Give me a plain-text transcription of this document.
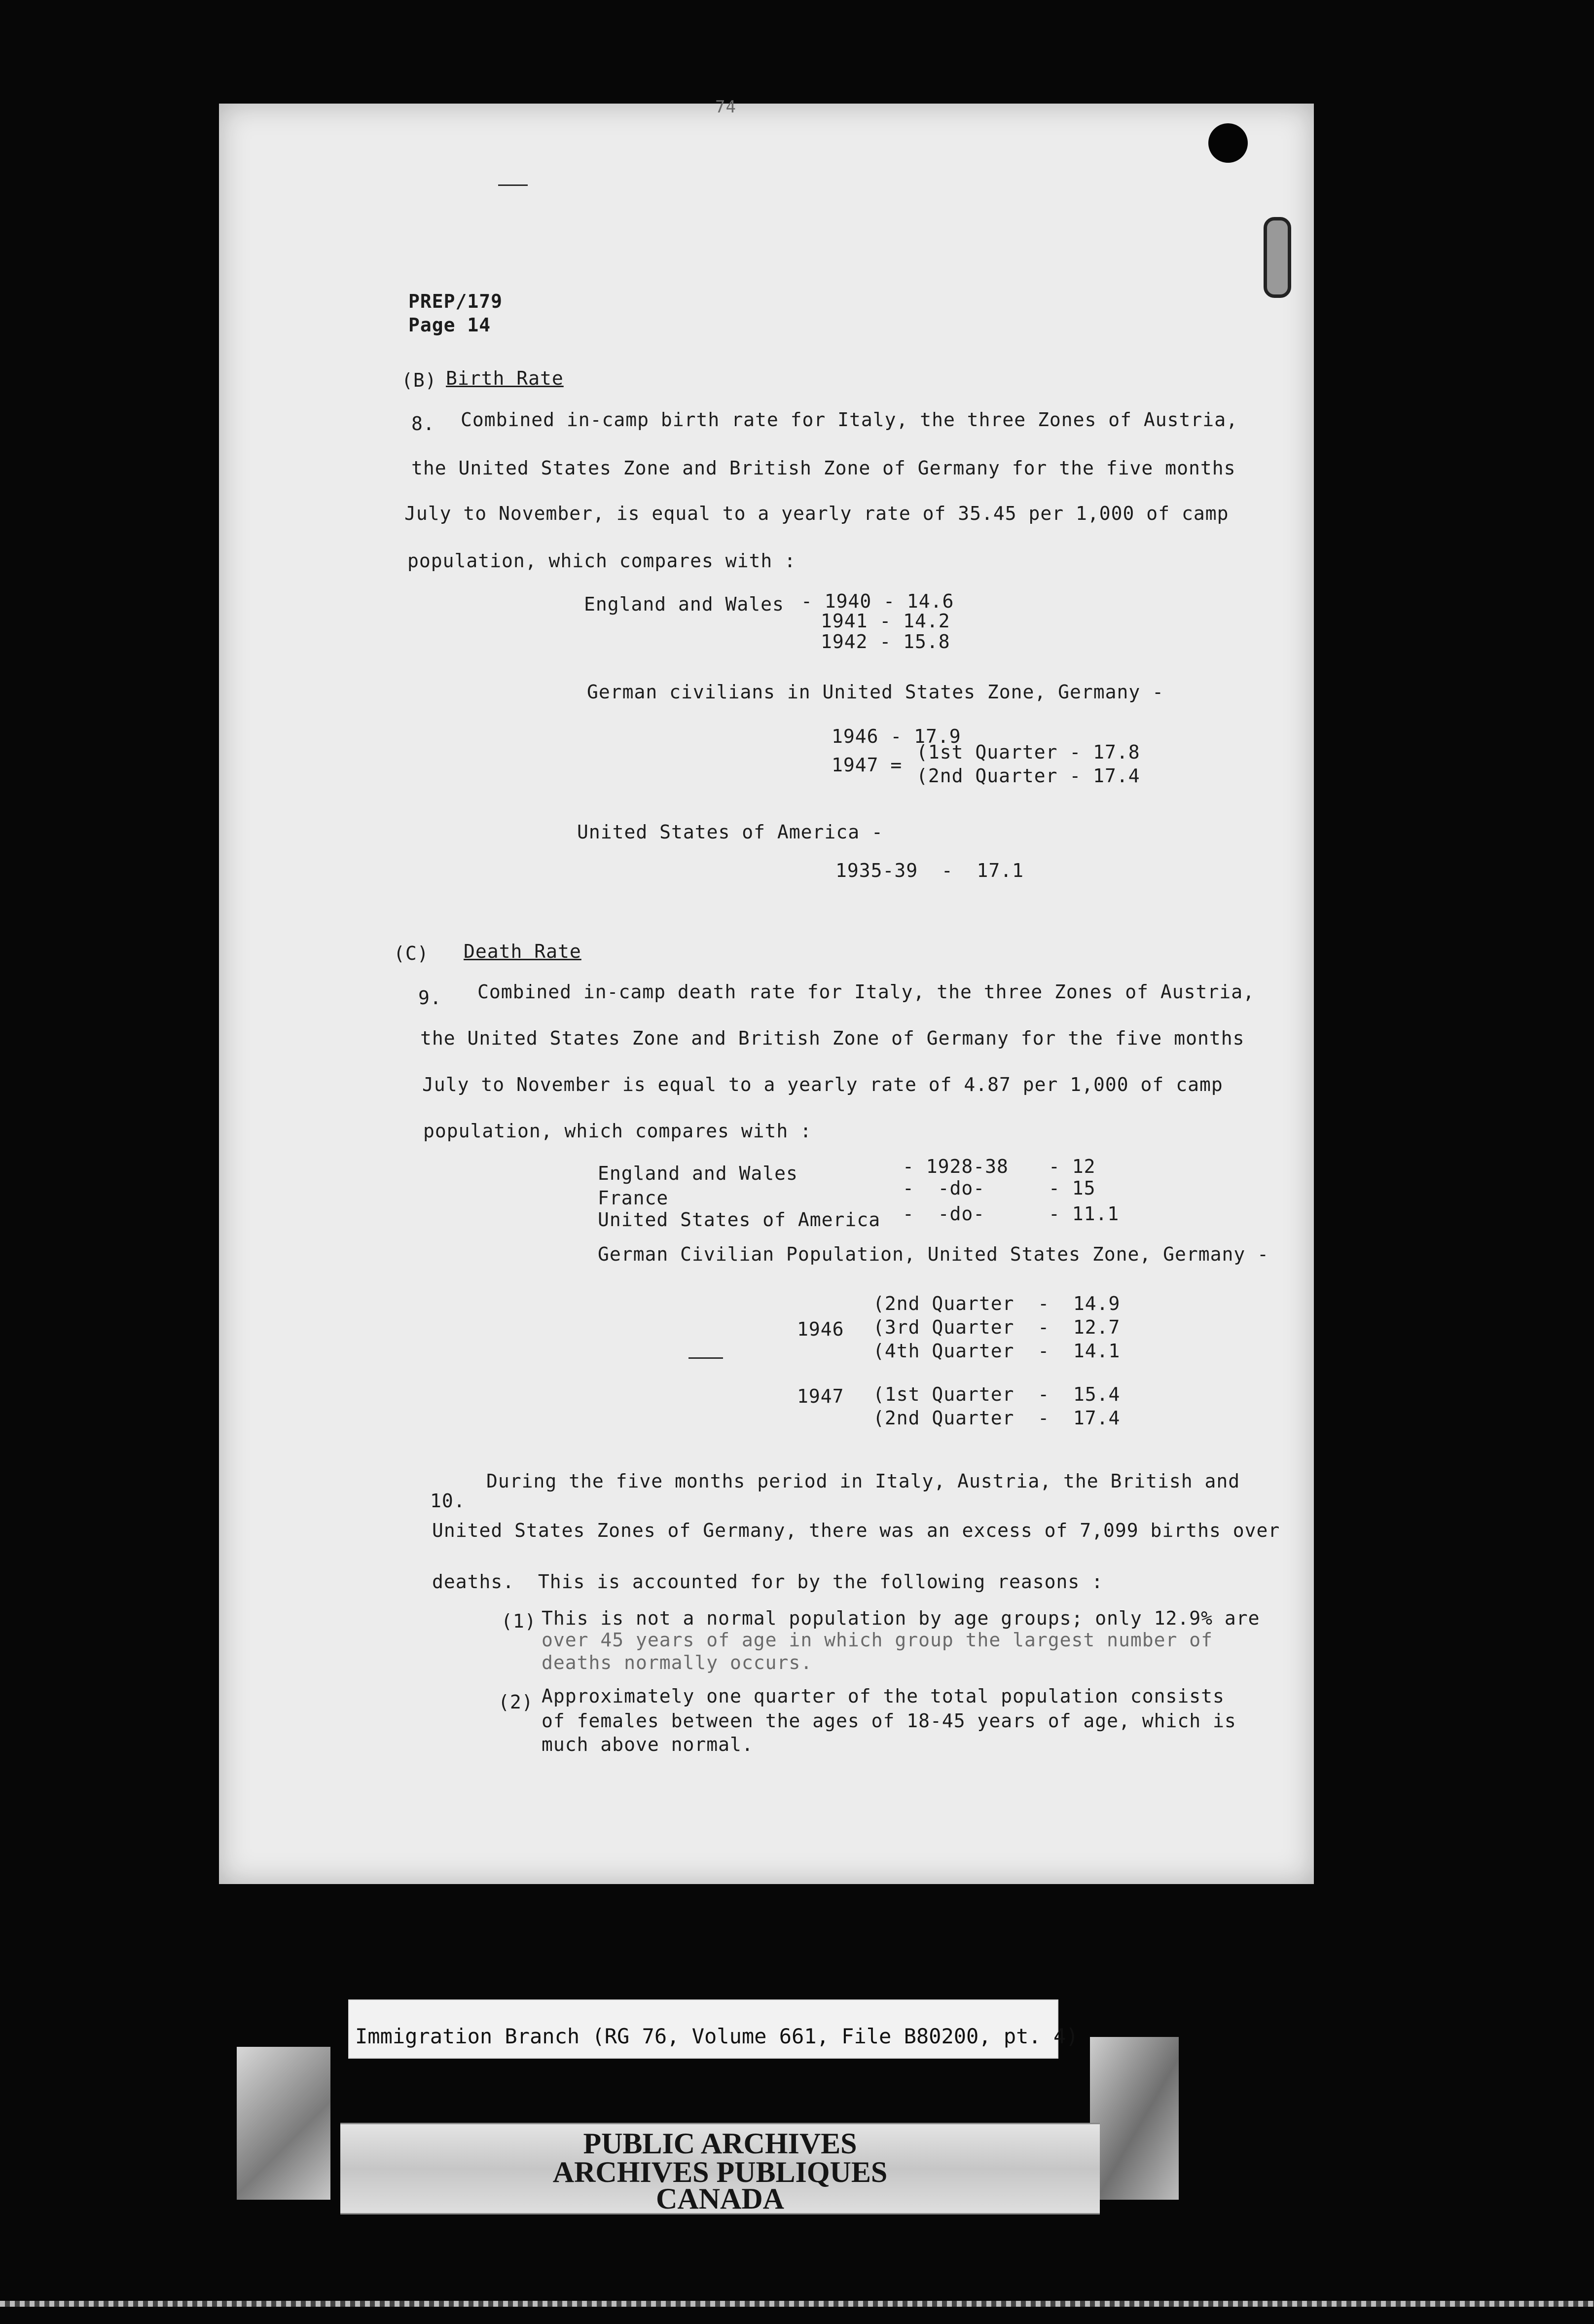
74
PREP/179
Page 14
(B) Birth Rate
8. Combined in-camp birth rate for Italy, the three Zones of Austria,
the United States Zone and British Zone of Germany for the five months
July to November, is equal to a yearly rate of 35.45 per 1,000 of camp
population, which compares with :
England and Wales - 1940 - 14.6
1941 - 14.2
1942 - 15.8
German civilians in United States Zone, Germany -
1946 - 17.9
1947 =
(1st Quarter - 17.8
(2nd Quarter - 17.4
United States of America -
1935-39  -  17.1
(C) Death Rate
9. Combined in-camp death rate for Italy, the three Zones of Austria,
the United States Zone and British Zone of Germany for the five months
July to November is equal to a yearly rate of 4.87 per 1,000 of camp
population, which compares with :
England and Wales	- 1928-38 - 12
France	-  -do-	- 15
United States of America -  -do-	- 11.1
German Civilian Population, United States Zone, Germany -
1946
(2nd Quarter  -  14.9
(3rd Quarter  -  12.7
(4th Quarter  -  14.1
1947 (1st Quarter  -  15.4
(2nd Quarter  -  17.4
10.
During the five months period in Italy, Austria, the British and
United States Zones of Germany, there was an excess of 7,099 births over
deaths.  This is accounted for by the following reasons :
(1) This is not a normal population by age groups; only 12.9% are
over 45 years of age in which group the largest number of
deaths normally occurs.
(2) Approximately one quarter of the total population consists
of females between the ages of 18-45 years of age, which is
much above normal.
Immigration Branch (RG 76, Volume 661, File B80200, pt. 4)
PUBLIC ARCHIVES
ARCHIVES PUBLIQUES
CANADA
